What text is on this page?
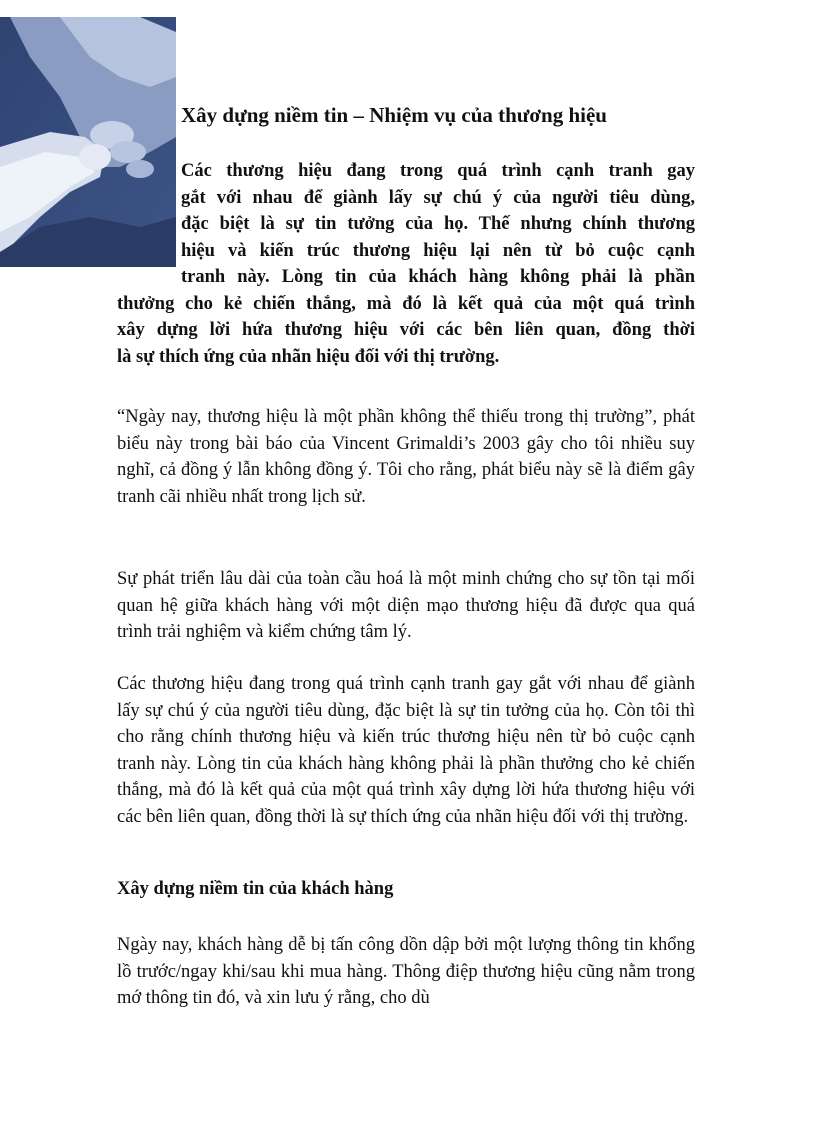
Xây dựng niềm tin – Nhiệm vụ của thương hiệu
Các thương hiệu đang trong quá trình cạnh tranh gay
gắt với nhau để giành lấy sự chú ý của người tiêu dùng,
đặc biệt là sự tin tưởng của họ. Thế nhưng chính thương
hiệu và kiến trúc thương hiệu lại nên từ bỏ cuộc cạnh
tranh này. Lòng tin của khách hàng không phải là phần
thưởng cho kẻ chiến thắng, mà đó là kết quả của một quá trình
xây dựng lời hứa thương hiệu với các bên liên quan, đồng thời
là sự thích ứng của nhãn hiệu đối với thị trường.

“Ngày nay, thương hiệu là một phần không thể thiếu trong thị trường”, phát biểu này trong bài báo của Vincent Grimaldi’s 2003 gây cho tôi nhiều suy nghĩ, cả đồng ý lẫn không đồng ý. Tôi cho rằng, phát biểu này sẽ là điểm gây tranh cãi nhiều nhất trong lịch sử.

Sự phát triển lâu dài của toàn cầu hoá là một minh chứng cho sự tồn tại mối quan hệ giữa khách hàng với một diện mạo thương hiệu đã được qua quá trình trải nghiệm và kiểm chứng tâm lý.

Các thương hiệu đang trong quá trình cạnh tranh gay gắt với nhau để giành lấy sự chú ý của người tiêu dùng, đặc biệt là sự tin tưởng của họ. Còn tôi thì cho rằng chính thương hiệu và kiến trúc thương hiệu nên từ bỏ cuộc cạnh tranh này. Lòng tin của khách hàng không phải là phần thưởng cho kẻ chiến thắng, mà đó là kết quả của một quá trình xây dựng lời hứa thương hiệu với các bên liên quan, đồng thời là sự thích ứng của nhãn hiệu đối với thị trường.

Xây dựng niềm tin của khách hàng

Ngày nay, khách hàng dễ bị tấn công dồn dập bởi một lượng thông tin khổng lồ trước/ngay khi/sau khi mua hàng. Thông điệp thương hiệu cũng nằm trong mớ thông tin đó, và xin lưu ý rằng, cho dù
